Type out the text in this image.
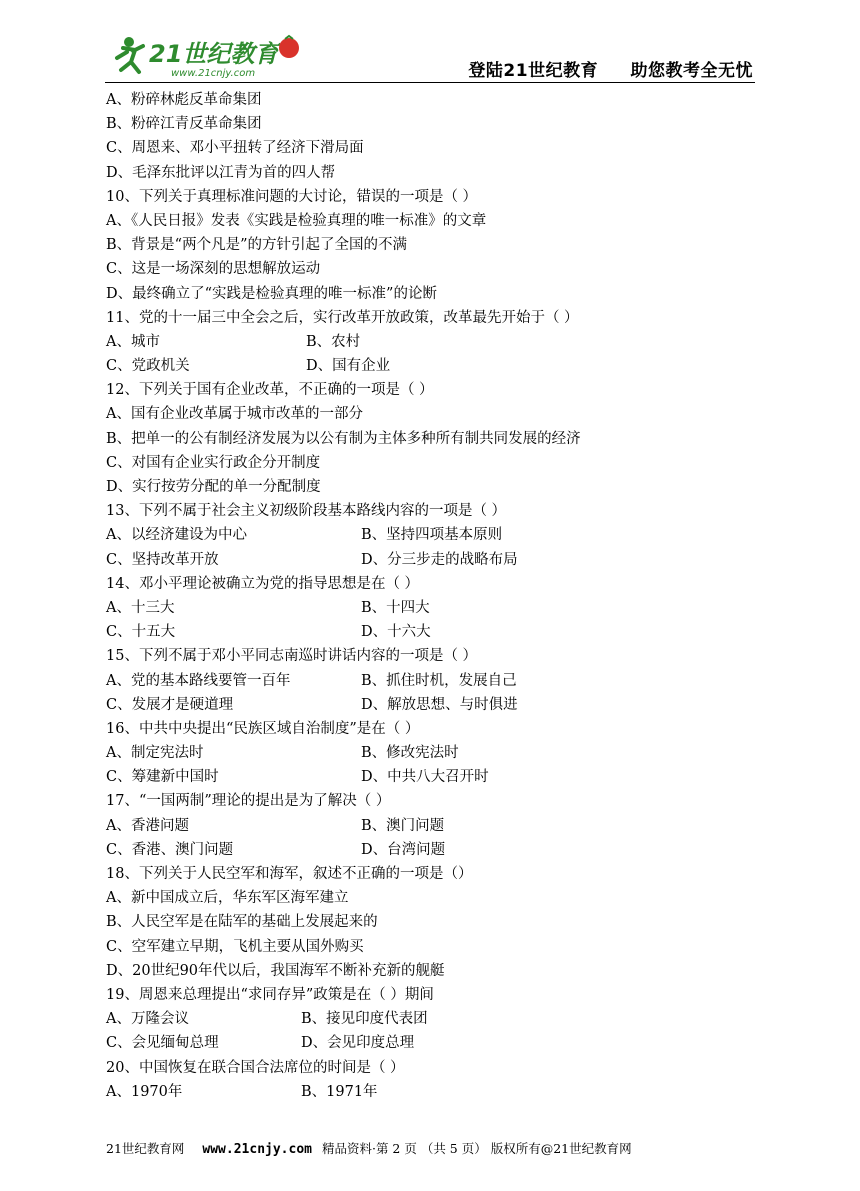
21世纪教育
www.21cnjy.com	登陆21世纪教育 助您教考全无忧
A、粉碎林彪反革命集团
B、粉碎江青反革命集团
C、周恩来、邓小平扭转了经济下滑局面
D、毛泽东批评以江青为首的四人帮
10、下列关于真理标准问题的大讨论，错误的一项是（ ）
A、《人民日报》发表《实践是检验真理的唯一标准》的文章
B、背景是“两个凡是”的方针引起了全国的不满
C、这是一场深刻的思想解放运动
D、最终确立了“实践是检验真理的唯一标准”的论断
11、党的十一届三中全会之后，实行改革开放政策，改革最先开始于（ ）
A、城市	B、农村
C、党政机关	D、国有企业
12、下列关于国有企业改革，不正确的一项是（ ）
A、国有企业改革属于城市改革的一部分
B、把单一的公有制经济发展为以公有制为主体多种所有制共同发展的经济
C、对国有企业实行政企分开制度
D、实行按劳分配的单一分配制度
13、下列不属于社会主义初级阶段基本路线内容的一项是（ ）
A、以经济建设为中心	B、坚持四项基本原则
C、坚持改革开放	D、分三步走的战略布局
14、邓小平理论被确立为党的指导思想是在（ ）
A、十三大	B、十四大
C、十五大	D、十六大
15、下列不属于邓小平同志南巡时讲话内容的一项是（ ）
A、党的基本路线要管一百年	B、抓住时机，发展自己
C、发展才是硬道理	D、解放思想、与时俱进
16、中共中央提出“民族区域自治制度”是在（ ）
A、制定宪法时	B、修改宪法时
C、筹建新中国时	D、中共八大召开时
17、“一国两制”理论的提出是为了解决（ ）
A、香港问题	B、澳门问题
C、香港、澳门问题	D、台湾问题
18、下列关于人民空军和海军，叙述不正确的一项是（）
A、新中国成立后，华东军区海军建立
B、人民空军是在陆军的基础上发展起来的
C、空军建立早期，飞机主要从国外购买
D、20世纪90年代以后，我国海军不断补充新的舰艇
19、周恩来总理提出“求同存异”政策是在（ ）期间
A、万隆会议	B、接见印度代表团
C、会见缅甸总理	D、会见印度总理
20、中国恢复在联合国合法席位的时间是（ ）
A、1970年	B、1971年
21世纪教育网 www.21cnjy.com 精品资料·第 2 页 （共 5 页） 版权所有@21世纪教育网
